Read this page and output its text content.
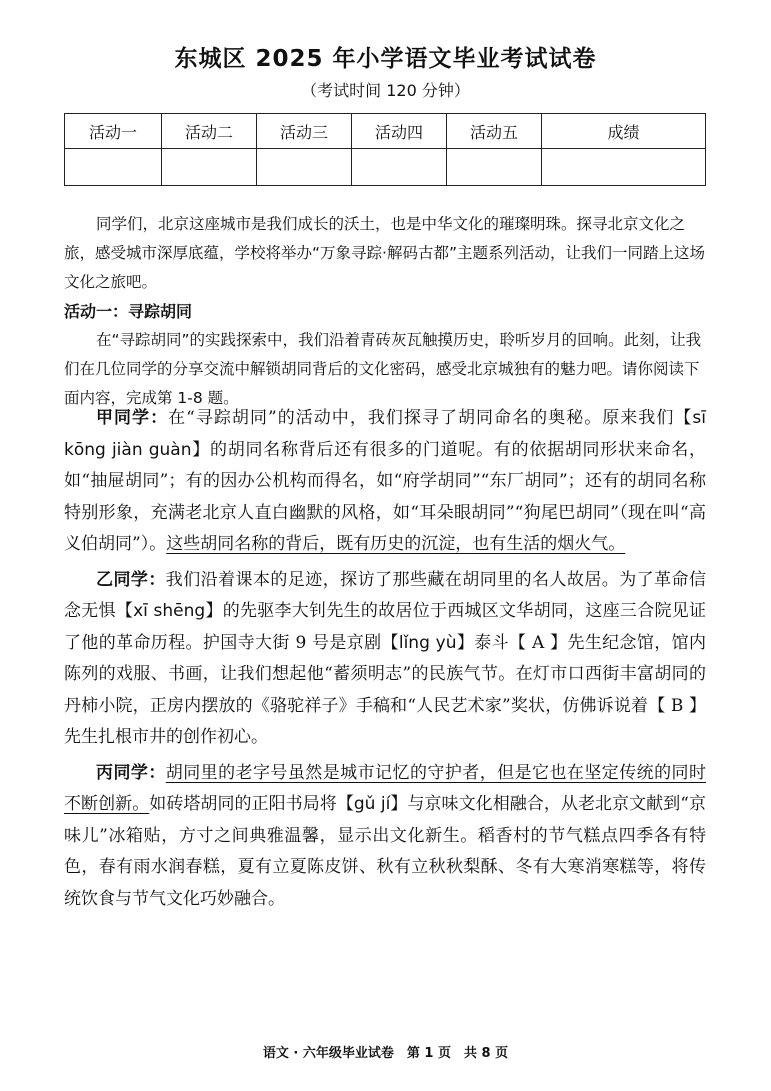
东城区 2025 年小学语文毕业考试试卷
（考试时间 120 分钟）
活动一	活动二	活动三	活动四	活动五	成绩

同学们，北京这座城市是我们成长的沃土，也是中华文化的璀璨明珠。探寻北京文化之旅，感受城市深厚底蕴，学校将举办“万象寻踪·解码古都”主题系列活动，让我们一同踏上这场文化之旅吧。

活动一：寻踪胡同

在“寻踪胡同”的实践探索中，我们沿着青砖灰瓦触摸历史，聆听岁月的回响。此刻，让我们在几位同学的分享交流中解锁胡同背后的文化密码，感受北京城独有的魅力吧。请你阅读下面内容，完成第 1-8 题。

甲同学：在“寻踪胡同”的活动中，我们探寻了胡同命名的奥秘。原来我们【sī kōng jiàn guàn】的胡同名称背后还有很多的门道呢。有的依据胡同形状来命名，如“抽屉胡同”；有的因办公机构而得名，如“府学胡同”“东厂胡同”；还有的胡同名称特别形象，充满老北京人直白幽默的风格，如“耳朵眼胡同”“狗尾巴胡同”（现在叫“高义伯胡同”）。这些胡同名称的背后，既有历史的沉淀，也有生活的烟火气。

乙同学：我们沿着课本的足迹，探访了那些藏在胡同里的名人故居。为了革命信念无惧【xī shēng】的先驱李大钊先生的故居位于西城区文华胡同，这座三合院见证了他的革命历程。护国寺大街 9 号是京剧【lǐng yù】泰斗【 A 】先生纪念馆，馆内陈列的戏服、书画，让我们想起他“蓄须明志”的民族气节。在灯市口西街丰富胡同的丹柿小院，正房内摆放的《骆驼祥子》手稿和“人民艺术家”奖状，仿佛诉说着【 B 】先生扎根市井的创作初心。

丙同学：胡同里的老字号虽然是城市记忆的守护者，但是它也在坚定传统的同时不断创新。如砖塔胡同的正阳书局将【gǔ jí】与京味文化相融合，从老北京文献到“京味儿”冰箱贴，方寸之间典雅温馨，显示出文化新生。稻香村的节气糕点四季各有特色，春有雨水润春糕，夏有立夏陈皮饼、秋有立秋秋梨酥、冬有大寒消寒糕等，将传统饮食与节气文化巧妙融合。

语文 · 六年级毕业试卷　第 1 页　共 8 页
